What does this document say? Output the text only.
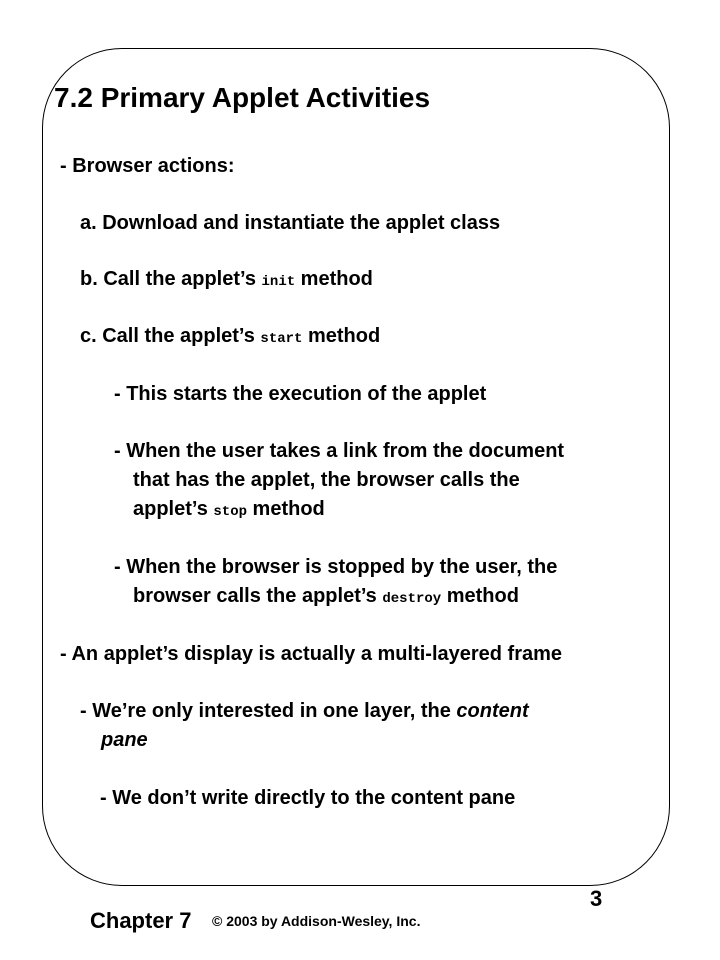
7.2 Primary Applet Activities
- Browser actions:
a. Download and instantiate the applet class
b. Call the applet’s init method
c. Call the applet’s start method
- This starts the execution of the applet
- When the user takes a link from the document
that has the applet, the browser calls the
applet’s stop method
- When the browser is stopped by the user, the
browser calls the applet’s destroy method
- An applet’s display is actually a multi-layered frame
- We’re only interested in one layer, the content
pane
- We don’t write directly to the content pane
Chapter 7 © 2003 by Addison-Wesley, Inc.
3
